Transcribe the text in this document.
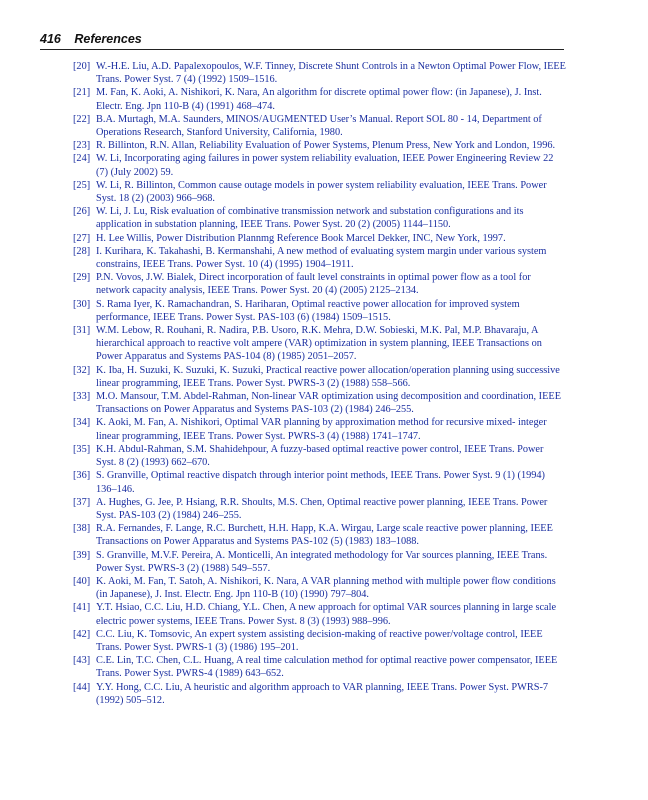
416 References
[20] W.-H.E. Liu, A.D. Papalexopoulos, W.F. Tinney, Discrete Shunt Controls in a Newton Optimal Power Flow, IEEE Trans. Power Syst. 7 (4) (1992) 1509–1516.
[21] M. Fan, K. Aoki, A. Nishikori, K. Nara, An algorithm for discrete optimal power flow: (in Japanese), J. Inst. Electr. Eng. Jpn 110-B (4) (1991) 468–474.
[22] B.A. Murtagh, M.A. Saunders, MINOS/AUGMENTED User’s Manual. Report SOL 80 - 14, Department of Operations Research, Stanford University, California, 1980.
[23] R. Billinton, R.N. Allan, Reliability Evaluation of Power Systems, Plenum Press, New York and London, 1996.
[24] W. Li, Incorporating aging failures in power system reliability evaluation, IEEE Power Engineering Review 22 (7) (July 2002) 59.
[25] W. Li, R. Billinton, Common cause outage models in power system reliability evaluation, IEEE Trans. Power Syst. 18 (2) (2003) 966–968.
[26] W. Li, J. Lu, Risk evaluation of combinative transmission network and substation configurations and its application in substation planning, IEEE Trans. Power Syst. 20 (2) (2005) 1144–1150.
[27] H. Lee Willis, Power Distribution Plannmg Reference Book Marcel Dekker, INC, New York, 1997.
[28] I. Kurihara, K. Takahashi, B. Kermanshahi, A new method of evaluating system margin under various system constrains, IEEE Trans. Power Syst. 10 (4) (1995) 1904–1911.
[29] P.N. Vovos, J.W. Bialek, Direct incorporation of fault level constraints in optimal power flow as a tool for network capacity analysis, IEEE Trans. Power Syst. 20 (4) (2005) 2125–2134.
[30] S. Rama Iyer, K. Ramachandran, S. Hariharan, Optimal reactive power allocation for improved system performance, IEEE Trans. Power Syst. PAS-103 (6) (1984) 1509–1515.
[31] W.M. Lebow, R. Rouhani, R. Nadira, P.B. Usoro, R.K. Mehra, D.W. Sobieski, M.K. Pal, M.P. Bhavaraju, A hierarchical approach to reactive volt ampere (VAR) optimization in system planning, IEEE Transactions on Power Apparatus and Systems PAS-104 (8) (1985) 2051–2057.
[32] K. Iba, H. Suzuki, K. Suzuki, K. Suzuki, Practical reactive power allocation/operation planning using successive linear programming, IEEE Trans. Power Syst. PWRS-3 (2) (1988) 558–566.
[33] M.O. Mansour, T.M. Abdel-Rahman, Non-linear VAR optimization using decomposition and coordination, IEEE Transactions on Power Apparatus and Systems PAS-103 (2) (1984) 246–255.
[34] K. Aoki, M. Fan, A. Nishikori, Optimal VAR planning by approximation method for recursive mixed- integer linear programming, IEEE Trans. Power Syst. PWRS-3 (4) (1988) 1741–1747.
[35] K.H. Abdul-Rahman, S.M. Shahidehpour, A fuzzy-based optimal reactive power control, IEEE Trans. Power Syst. 8 (2) (1993) 662–670.
[36] S. Granville, Optimal reactive dispatch through interior point methods, IEEE Trans. Power Syst. 9 (1) (1994) 136–146.
[37] A. Hughes, G. Jee, P. Hsiang, R.R. Shoults, M.S. Chen, Optimal reactive power planning, IEEE Trans. Power Syst. PAS-103 (2) (1984) 246–255.
[38] R.A. Fernandes, F. Lange, R.C. Burchett, H.H. Happ, K.A. Wirgau, Large scale reactive power planning, IEEE Transactions on Power Apparatus and Systems PAS-102 (5) (1983) 183–1088.
[39] S. Granville, M.V.F. Pereira, A. Monticelli, An integrated methodology for Var sources planning, IEEE Trans. Power Syst. PWRS-3 (2) (1988) 549–557.
[40] K. Aoki, M. Fan, T. Satoh, A. Nishikori, K. Nara, A VAR planning method with multiple power flow conditions (in Japanese), J. Inst. Electr. Eng. Jpn 110-B (10) (1990) 797–804.
[41] Y.T. Hsiao, C.C. Liu, H.D. Chiang, Y.L. Chen, A new approach for optimal VAR sources planning in large scale electric power systems, IEEE Trans. Power Syst. 8 (3) (1993) 988–996.
[42] C.C. Liu, K. Tomsovic, An expert system assisting decision-making of reactive power/voltage control, IEEE Trans. Power Syst. PWRS-1 (3) (1986) 195–201.
[43] C.E. Lin, T.C. Chen, C.L. Huang, A real time calculation method for optimal reactive power compensator, IEEE Trans. Power Syst. PWRS-4 (1989) 643–652.
[44] Y.Y. Hong, C.C. Liu, A heuristic and algorithm approach to VAR planning, IEEE Trans. Power Syst. PWRS-7 (1992) 505–512.
